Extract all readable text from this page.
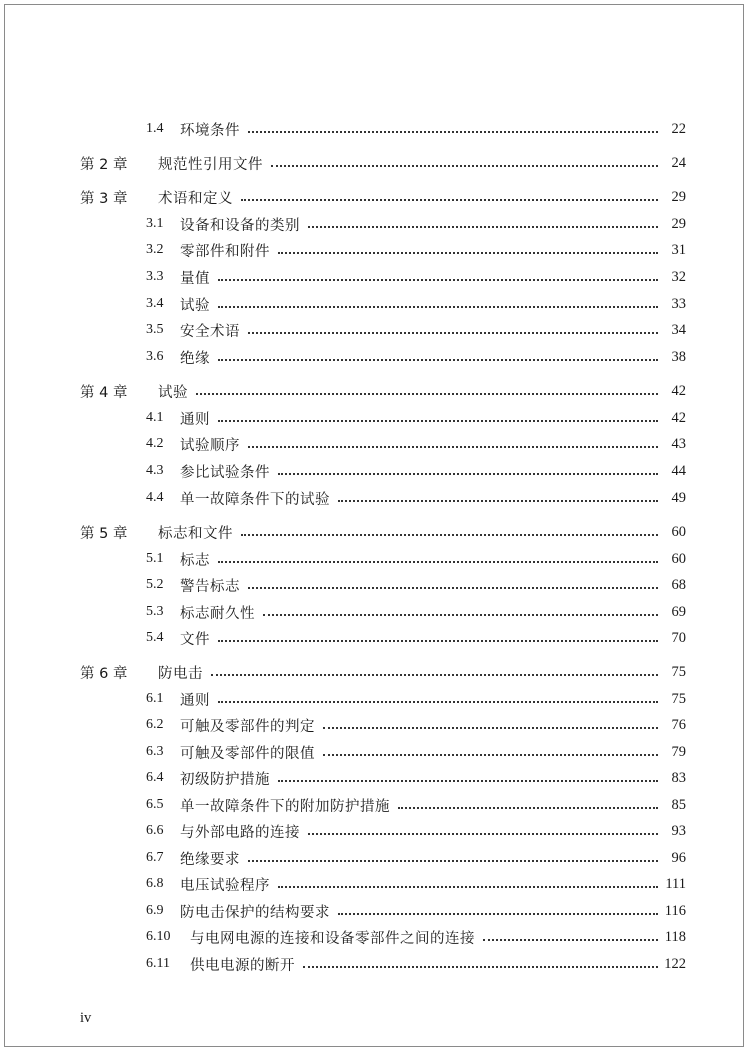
1.4	环境条件	22
第 2 章	规范性引用文件	24
第 3 章	术语和定义	29
3.1	设备和设备的类别	29
3.2	零部件和附件	31
3.3	量值	32
3.4	试验	33
3.5	安全术语	34
3.6	绝缘	38
第 4 章	试验	42
4.1	通则	42
4.2	试验顺序	43
4.3	参比试验条件	44
4.4	单一故障条件下的试验	49
第 5 章	标志和文件	60
5.1	标志	60
5.2	警告标志	68
5.3	标志耐久性	69
5.4	文件	70
第 6 章	防电击	75
6.1	通则	75
6.2	可触及零部件的判定	76
6.3	可触及零部件的限值	79
6.4	初级防护措施	83
6.5	单一故障条件下的附加防护措施	85
6.6	与外部电路的连接	93
6.7	绝缘要求	96
6.8	电压试验程序	111
6.9	防电击保护的结构要求	116
6.10	与电网电源的连接和设备零部件之间的连接	118
6.11	供电电源的断开	122
iv
